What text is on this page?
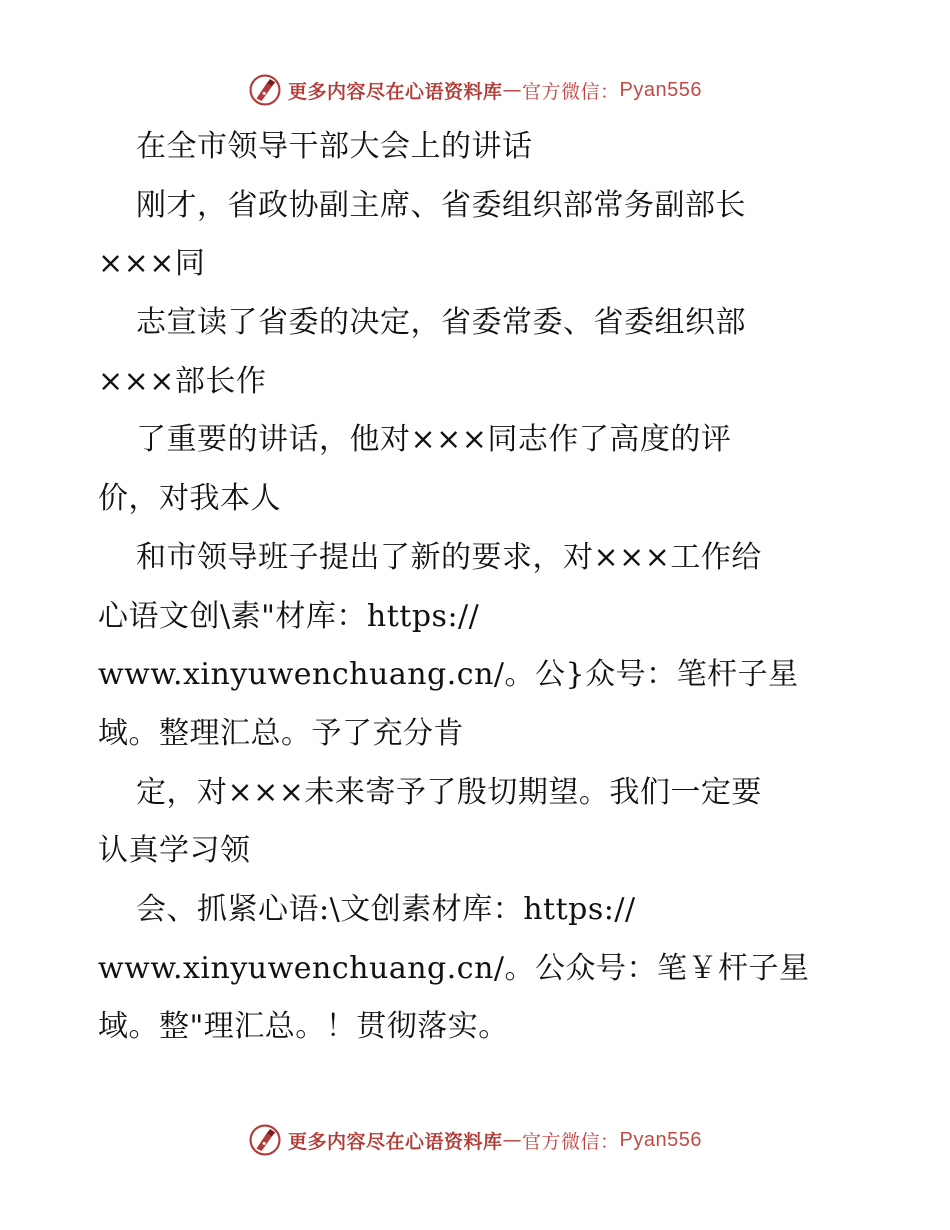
更多内容尽在心语资料库 — 官方微信： Pyan556
在全市领导干部大会上的讲话
刚才，省政协副主席、省委组织部常务副部长
×××同
志宣读了省委的决定，省委常委、省委组织部
×××部长作
了重要的讲话，他对×××同志作了高度的评
价，对我本人
和市领导班子提出了新的要求，对×××工作给
心语文创\素"材库：https://
www.xinyuwenchuang.cn/。公}众号：笔杆子星
域。整理汇总。予了充分肯
定，对×××未来寄予了殷切期望。我们一定要
认真学习领
会、抓紧心语:\文创素材库：https://
www.xinyuwenchuang.cn/。公众号：笔￥杆子星
域。整"理汇总。！贯彻落实。
更多内容尽在心语资料库 — 官方微信： Pyan556
